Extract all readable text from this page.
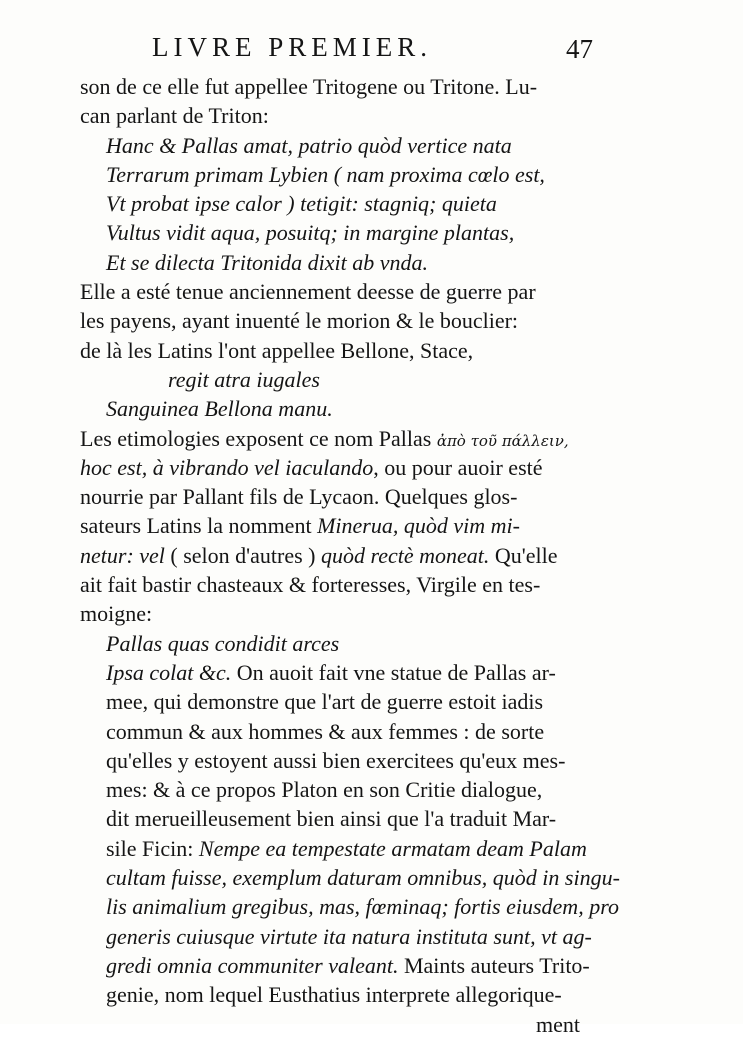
LIVRE PREMIER.	47
son de ce elle fut appellee Tritogene ou Tritone. Lu-
can parlant de Triton:
Hanc & Pallas amat, patrio quòd vertice nata
Terrarum primam Lybien ( nam proxima cœlo est,
Vt probat ipse calor ) tetigit: stagniq; quieta
Vultus vidit aqua, posuitq; in margine plantas,
Et se dilecta Tritonida dixit ab vnda.
Elle a esté tenue anciennement deesse de guerre par
les payens, ayant inuenté le morion & le bouclier:
de là les Latins l'ont appellee Bellone, Stace,
regit atra iugales
Sanguinea Bellona manu.
Les etimologies exposent ce nom Pallas ἀπὸ τοῦ πάλλειν,
hoc est, à vibrando vel iaculando, ou pour auoir esté
nourrie par Pallant fils de Lycaon. Quelques glos-
sateurs Latins la nomment Minerua, quòd vim mi-
netur: vel ( selon d'autres ) quòd rectè moneat. Qu'elle
ait fait bastir chasteaux & forteresses, Virgile en tes-
moigne:
Pallas quas condidit arces
Ipsa colat &c. On auoit fait vne statue de Pallas ar-
mee, qui demonstre que l'art de guerre estoit iadis
commun & aux hommes & aux femmes : de sorte
qu'elles y estoyent aussi bien exercitees qu'eux mes-
mes: & à ce propos Platon en son Critie dialogue,
dit merueilleusement bien ainsi que l'a traduit Mar-
sile Ficin: Nempe ea tempestate armatam deam Palam
cultam fuisse, exemplum daturam omnibus, quòd in singu-
lis animalium gregibus, mas, fœminaq; fortis eiusdem, pro
generis cuiusque virtute ita natura instituta sunt, vt ag-
gredi omnia communiter valeant. Maints auteurs Trito-
genie, nom lequel Eusthatius interprete allegorique-
ment
